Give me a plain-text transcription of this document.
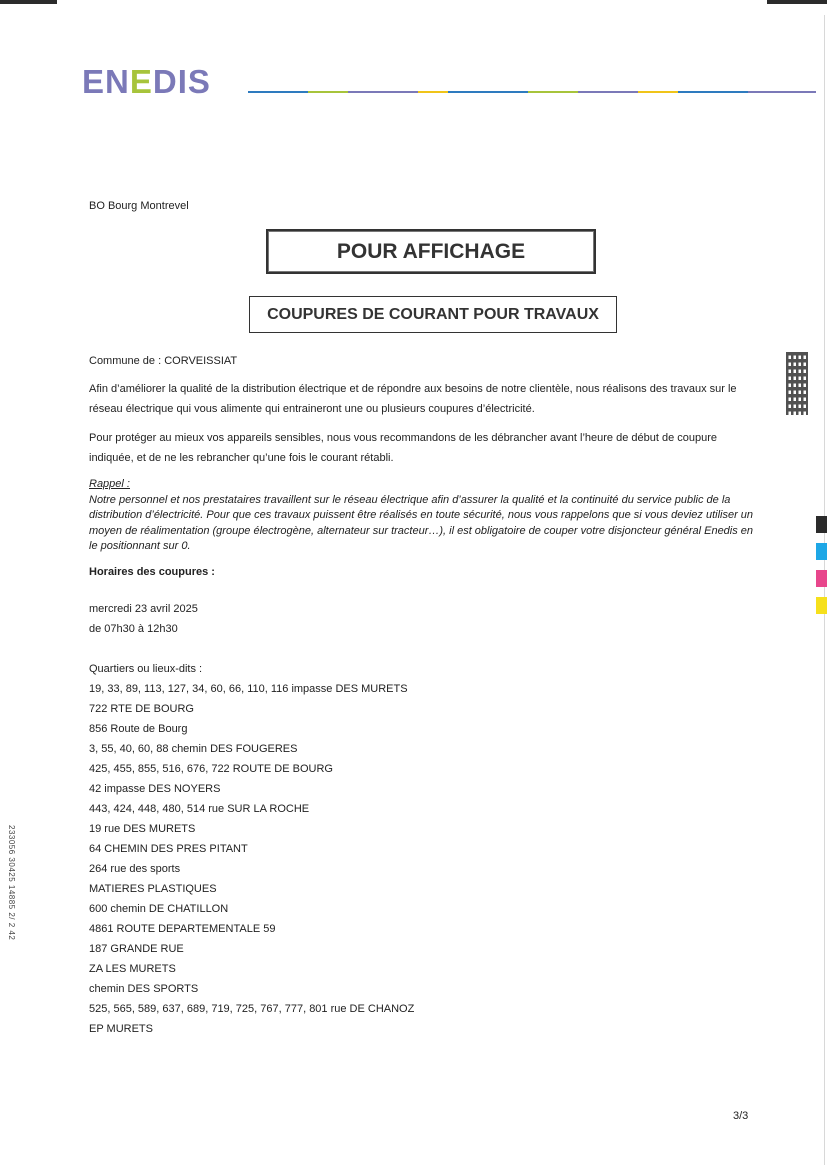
ENEDIS
BO Bourg Montrevel
POUR AFFICHAGE
COUPURES DE COURANT POUR TRAVAUX
Commune de : CORVEISSIAT
Afin d’améliorer la qualité de la distribution électrique et de répondre aux besoins de notre clientèle, nous réalisons des travaux sur le réseau électrique qui vous alimente qui entraineront une ou plusieurs coupures d’électricité.
Pour protéger au mieux vos appareils sensibles, nous vous recommandons de les débrancher avant l’heure de début de coupure indiquée, et de ne les rebrancher qu’une fois le courant rétabli.
Rappel :
Notre personnel et nos prestataires travaillent sur le réseau électrique afin d’assurer la qualité et la continuité du service public de la distribution d’électricité. Pour que ces travaux puissent être réalisés en toute sécurité, nous vous rappelons que si vous deviez utiliser un moyen de réalimentation (groupe électrogène, alternateur sur tracteur…), il est obligatoire de couper votre disjoncteur général Enedis en le positionnant sur 0.
Horaires des coupures :
mercredi 23 avril 2025
de 07h30 à 12h30
Quartiers ou lieux-dits :
19, 33, 89, 113, 127, 34, 60, 66, 110, 116 impasse DES MURETS
722 RTE DE BOURG
856 Route de Bourg
3, 55, 40, 60, 88 chemin DES FOUGERES
425, 455, 855, 516, 676, 722 ROUTE DE BOURG
42 impasse DES NOYERS
443, 424, 448, 480, 514 rue SUR LA ROCHE
19 rue DES MURETS
64 CHEMIN DES PRES PITANT
264 rue des sports
MATIERES PLASTIQUES
600 chemin DE CHATILLON
4861 ROUTE DEPARTEMENTALE 59
187 GRANDE RUE
ZA LES MURETS
chemin DES SPORTS
525, 565, 589, 637, 689, 719, 725, 767, 777, 801 rue DE CHANOZ
EP MURETS
3/3
233056 30425 14885 2/ 2 42
